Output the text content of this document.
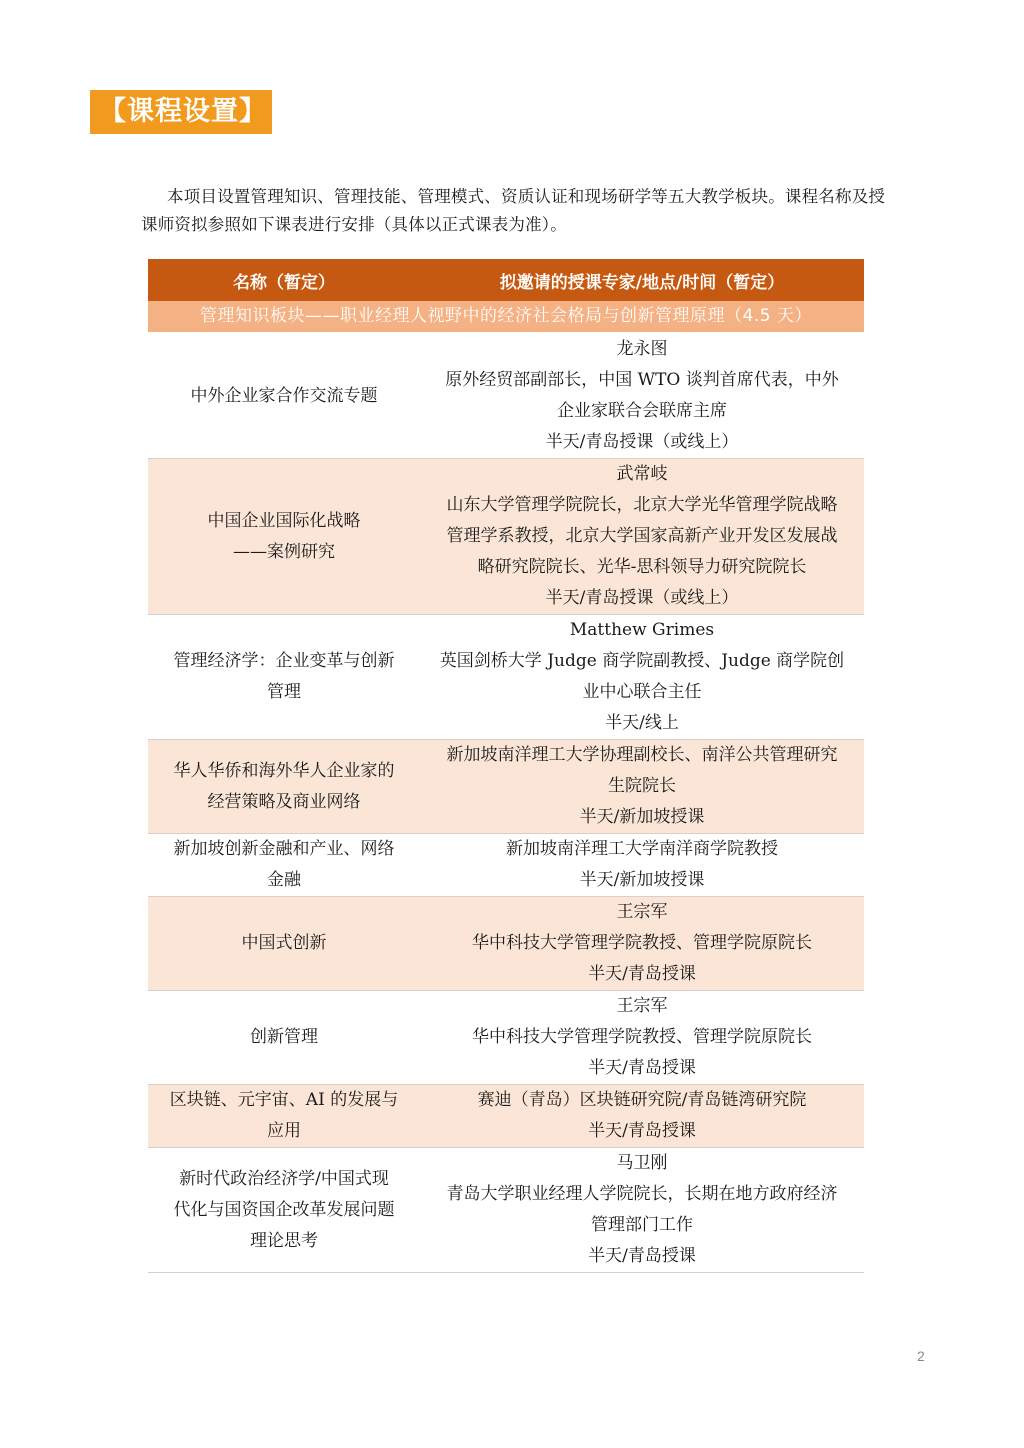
【课程设置】

本项目设置管理知识、管理技能、管理模式、资质认证和现场研学等五大教学板块。课程名称及授课师资拟参照如下课表进行安排（具体以正式课表为准）。

名称（暂定）	拟邀请的授课专家/地点/时间（暂定）
管理知识板块——职业经理人视野中的经济社会格局与创新管理原理（4.5 天）	

中外企业家合作交流专题	龙永图
原外经贸部副部长，中国 WTO 谈判首席代表，中外
企业家联合会联席主席
半天/青岛授课（或线上）

中国企业国际化战略
——案例研究	武常岐
山东大学管理学院院长，北京大学光华管理学院战略
管理学系教授，北京大学国家高新产业开发区发展战
略研究院院长、光华-思科领导力研究院院长
半天/青岛授课（或线上）

管理经济学：企业变革与创新
管理	Matthew Grimes
英国剑桥大学 Judge 商学院副教授、Judge 商学院创
业中心联合主任
半天/线上

华人华侨和海外华人企业家的
经营策略及商业网络	新加坡南洋理工大学协理副校长、南洋公共管理研究
生院院长
半天/新加坡授课

新加坡创新金融和产业、网络
金融	新加坡南洋理工大学南洋商学院教授
半天/新加坡授课

中国式创新	王宗军
华中科技大学管理学院教授、管理学院原院长
半天/青岛授课

创新管理	王宗军
华中科技大学管理学院教授、管理学院原院长
半天/青岛授课

区块链、元宇宙、AI 的发展与
应用	赛迪（青岛）区块链研究院/青岛链湾研究院
半天/青岛授课

新时代政治经济学/中国式现
代化与国资国企改革发展问题
理论思考	马卫刚
青岛大学职业经理人学院院长，长期在地方政府经济
管理部门工作
半天/青岛授课
2
